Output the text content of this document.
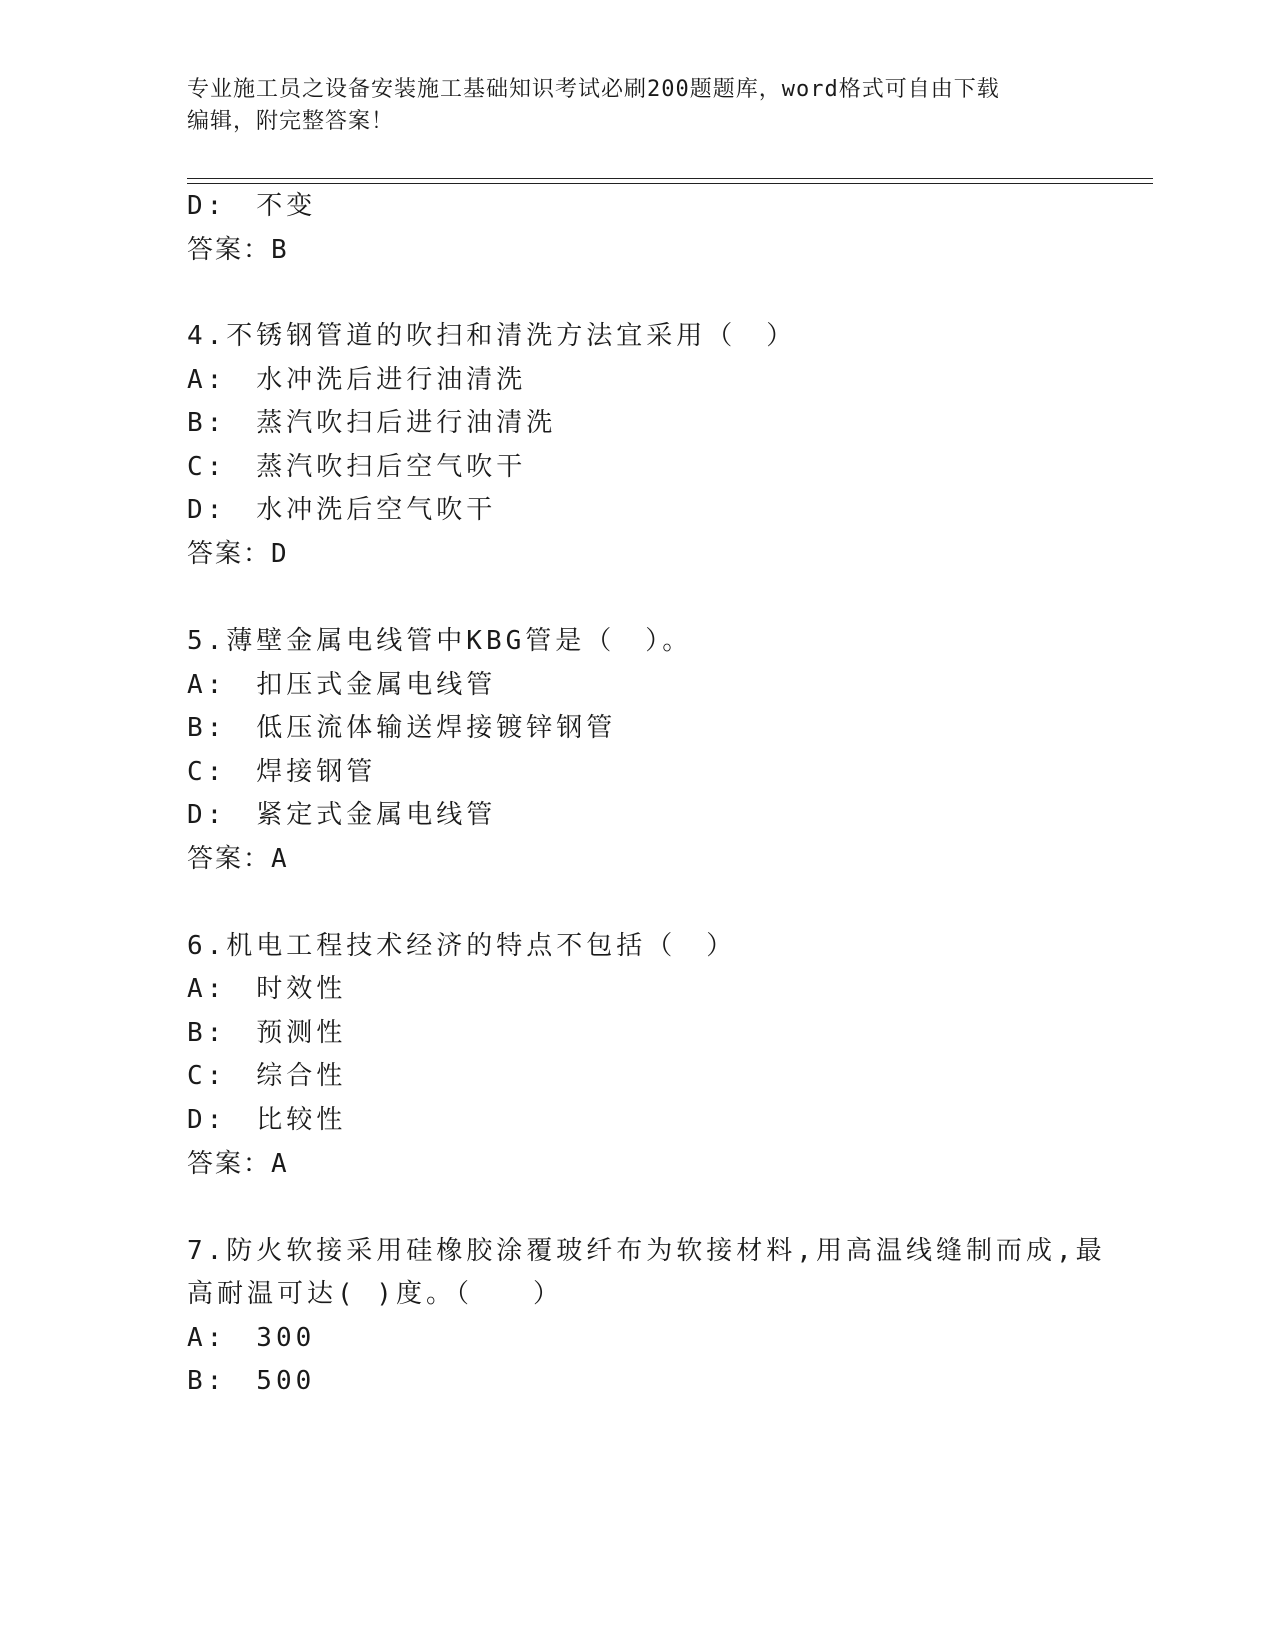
专业施工员之设备安装施工基础知识考试必刷200题题库，word格式可自由下载
编辑，附完整答案！
D:　不变
答案：B
4.不锈钢管道的吹扫和清洗方法宜采用（　）
A:　水冲洗后进行油清洗
B:　蒸汽吹扫后进行油清洗
C:　蒸汽吹扫后空气吹干
D:　水冲洗后空气吹干
答案：D
5.薄壁金属电线管中KBG管是（　）。
A:　扣压式金属电线管
B:　低压流体输送焊接镀锌钢管
C:　焊接钢管
D:　紧定式金属电线管
答案：A
6.机电工程技术经济的特点不包括（　）
A:　时效性
B:　预测性
C:　综合性
D:　比较性
答案：A
7.防火软接采用硅橡胶涂覆玻纤布为软接材料,用高温线缝制而成,最
高耐温可达( )度。（　　）
A:　300
B:　500
